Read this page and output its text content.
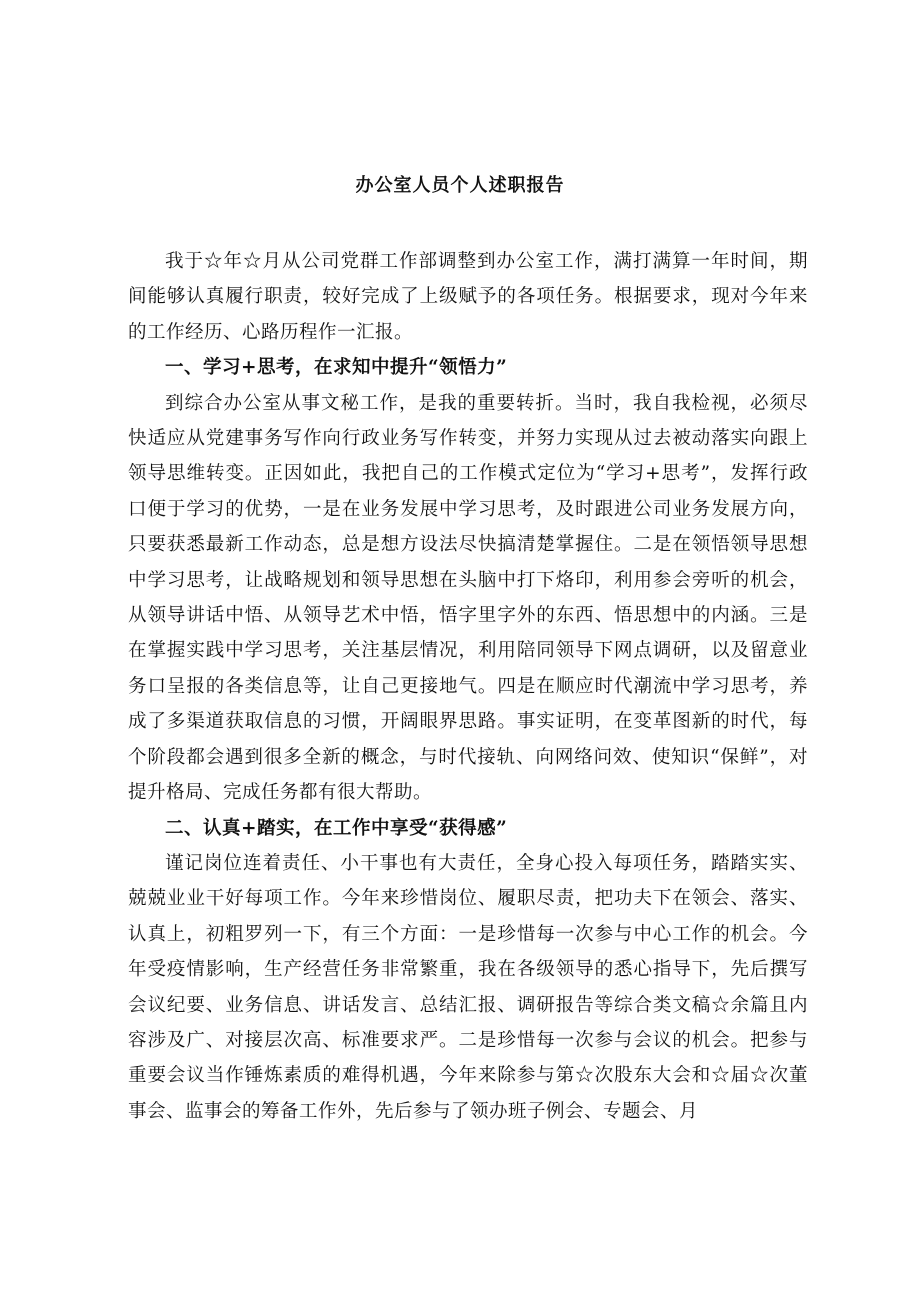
办公室人员个人述职报告

我于☆年☆月从公司党群工作部调整到办公室工作，满打满算一年时间，期间能够认真履行职责，较好完成了上级赋予的各项任务。根据要求，现对今年来的工作经历、心路历程作一汇报。

一、学习+思考，在求知中提升“领悟力”

到综合办公室从事文秘工作，是我的重要转折。当时，我自我检视，必须尽快适应从党建事务写作向行政业务写作转变，并努力实现从过去被动落实向跟上领导思维转变。正因如此，我把自己的工作模式定位为“学习+思考”，发挥行政口便于学习的优势，一是在业务发展中学习思考，及时跟进公司业务发展方向，只要获悉最新工作动态，总是想方设法尽快搞清楚掌握住。二是在领悟领导思想中学习思考，让战略规划和领导思想在头脑中打下烙印，利用参会旁听的机会，从领导讲话中悟、从领导艺术中悟，悟字里字外的东西、悟思想中的内涵。三是在掌握实践中学习思考，关注基层情况，利用陪同领导下网点调研，以及留意业务口呈报的各类信息等，让自己更接地气。四是在顺应时代潮流中学习思考，养成了多渠道获取信息的习惯，开阔眼界思路。事实证明，在变革图新的时代，每个阶段都会遇到很多全新的概念，与时代接轨、向网络问效、使知识“保鲜”，对提升格局、完成任务都有很大帮助。

二、认真+踏实，在工作中享受“获得感”

谨记岗位连着责任、小干事也有大责任，全身心投入每项任务，踏踏实实、兢兢业业干好每项工作。今年来珍惜岗位、履职尽责，把功夫下在领会、落实、认真上，初粗罗列一下，有三个方面：一是珍惜每一次参与中心工作的机会。今年受疫情影响，生产经营任务非常繁重，我在各级领导的悉心指导下，先后撰写会议纪要、业务信息、讲话发言、总结汇报、调研报告等综合类文稿☆余篇且内容涉及广、对接层次高、标准要求严。二是珍惜每一次参与会议的机会。把参与重要会议当作锤炼素质的难得机遇，今年来除参与第☆次股东大会和☆届☆次董事会、监事会的筹备工作外，先后参与了领办班子例会、专题会、月
